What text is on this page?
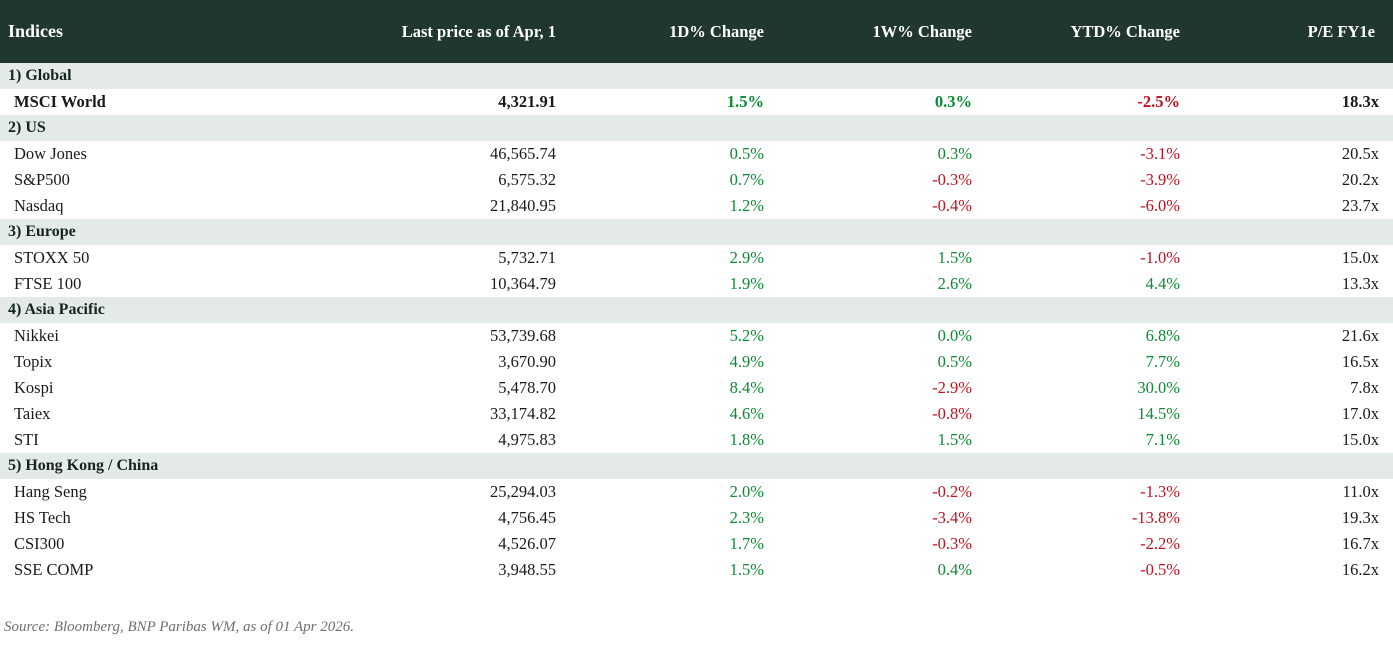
Indices	Last price as of Apr, 1	1D% Change	1W% Change	YTD% Change	P/E FY1e
1) Global					
MSCI World	4,321.91	1.5%	0.3%	-2.5%	18.3x
2) US					
Dow Jones	46,565.74	0.5%	0.3%	-3.1%	20.5x
S&P500	6,575.32	0.7%	-0.3%	-3.9%	20.2x
Nasdaq	21,840.95	1.2%	-0.4%	-6.0%	23.7x
3) Europe					
STOXX 50	5,732.71	2.9%	1.5%	-1.0%	15.0x
FTSE 100	10,364.79	1.9%	2.6%	4.4%	13.3x
4) Asia Pacific					
Nikkei	53,739.68	5.2%	0.0%	6.8%	21.6x
Topix	3,670.90	4.9%	0.5%	7.7%	16.5x
Kospi	5,478.70	8.4%	-2.9%	30.0%	7.8x
Taiex	33,174.82	4.6%	-0.8%	14.5%	17.0x
STI	4,975.83	1.8%	1.5%	7.1%	15.0x
5) Hong Kong / China					
Hang Seng	25,294.03	2.0%	-0.2%	-1.3%	11.0x
HS Tech	4,756.45	2.3%	-3.4%	-13.8%	19.3x
CSI300	4,526.07	1.7%	-0.3%	-2.2%	16.7x
SSE COMP	3,948.55	1.5%	0.4%	-0.5%	16.2x
Source: Bloomberg, BNP Paribas WM, as of 01 Apr 2026.
